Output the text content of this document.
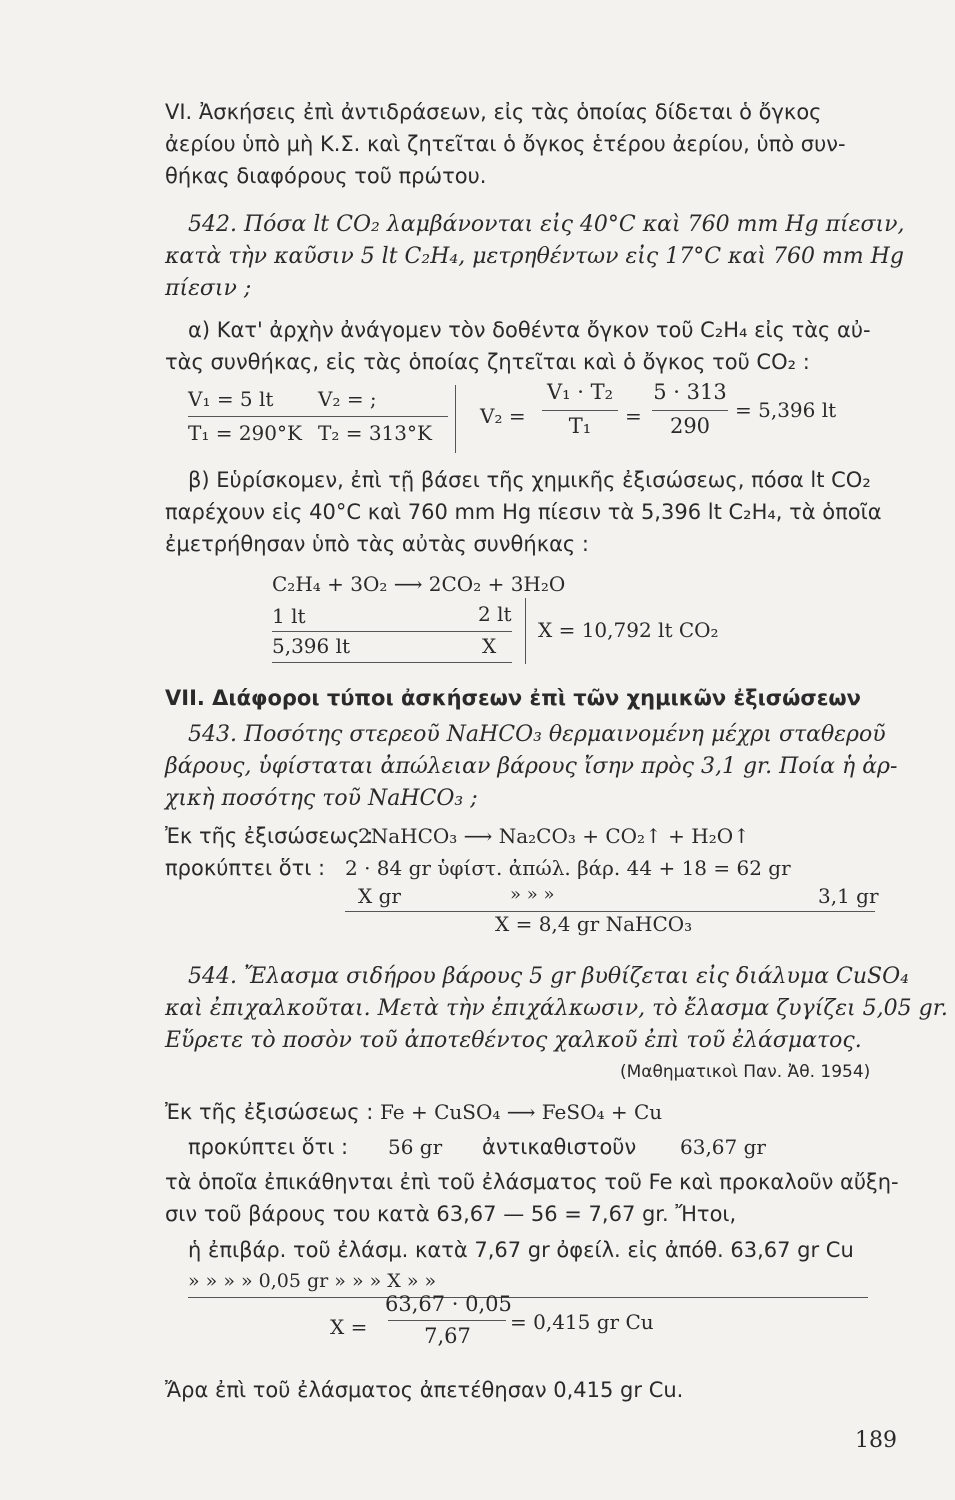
VI. Ἀσκήσεις ἐπὶ ἀντιδράσεων, εἰς τὰς ὁποίας δίδεται ὁ ὄγκος
ἀερίου ὑπὸ μὴ Κ.Σ. καὶ ζητεῖται ὁ ὄγκος ἑτέρου ἀερίου, ὑπὸ συν-
θήκας διαφόρους τοῦ πρώτου.
542. Πόσα lt CO₂ λαμβάνονται εἰς 40°C καὶ 760 mm Hg πίεσιν,
κατὰ τὴν καῦσιν 5 lt C₂H₄, μετρηθέντων εἰς 17°C καὶ 760 mm Hg
πίεσιν ;
α) Κατ' ἀρχὴν ἀνάγομεν τὸν δοθέντα ὄγκον τοῦ C₂H₄ εἰς τὰς αὐ-
τὰς συνθήκας, εἰς τὰς ὁποίας ζητεῖται καὶ ὁ ὄγκος τοῦ CO₂ :
V₁ = 5 lt V₂ = ;
T₁ = 290°K T₂ = 313°K
V₂ =
V₁ · T₂
T₁	=
5 · 313
290
= 5,396 lt
β) Εὑρίσκομεν, ἐπὶ τῇ βάσει τῆς χημικῆς ἐξισώσεως, πόσα lt CO₂
παρέχουν εἰς 40°C καὶ 760 mm Hg πίεσιν τὰ 5,396 lt C₂H₄, τὰ ὁποῖα
ἐμετρήθησαν ὑπὸ τὰς αὐτὰς συνθήκας :
C₂H₄ + 3O₂ ⟶ 2CO₂ + 3H₂O
1 lt	2 lt
5,396 lt	X
X = 10,792 lt CO₂
VII. Διάφοροι τύποι ἀσκήσεων ἐπὶ τῶν χημικῶν ἐξισώσεων
543. Ποσότης στερεοῦ NaHCO₃ θερμαινομένη μέχρι σταθεροῦ
βάρους, ὑφίσταται ἀπώλειαν βάρους ἴσην πρὸς 3,1 gr. Ποία ἡ ἀρ-
χικὴ ποσότης τοῦ NaHCO₃ ;
Ἐκ τῆς ἐξισώσεως :
2NaHCO₃ ⟶ Na₂CO₃ + CO₂↑ + H₂O↑
προκύπτει ὅτι : 2 · 84 gr ὑφίστ. ἀπώλ. βάρ. 44 + 18 = 62 gr
X gr	» » »	3,1 gr
X = 8,4 gr NaHCO₃
544. Ἔλασμα σιδήρου βάρους 5 gr βυθίζεται εἰς διάλυμα CuSO₄
καὶ ἐπιχαλκοῦται. Μετὰ τὴν ἐπιχάλκωσιν, τὸ ἔλασμα ζυγίζει 5,05 gr.
Εὕρετε τὸ ποσὸν τοῦ ἀποτεθέντος χαλκοῦ ἐπὶ τοῦ ἐλάσματος.
(Μαθηματικοὶ Παν. Ἀθ. 1954)
Ἐκ τῆς ἐξισώσεως : Fe + CuSO₄ ⟶ FeSO₄ + Cu
προκύπτει ὅτι : 56 gr ἀντικαθιστοῦν 63,67 gr
τὰ ὁποῖα ἐπικάθηνται ἐπὶ τοῦ ἐλάσματος τοῦ Fe καὶ προκαλοῦν αὔξη-
σιν τοῦ βάρους του κατὰ 63,67 — 56 = 7,67 gr. Ἤτοι,
ἡ ἐπιβάρ. τοῦ ἐλάσμ. κατὰ 7,67 gr ὀφείλ. εἰς ἀπόθ. 63,67 gr Cu
» » » » 0,05 gr » » » X » »
X =
63,67 · 0,05
7,67
= 0,415 gr Cu
Ἄρα ἐπὶ τοῦ ἐλάσματος ἀπετέθησαν 0,415 gr Cu.
189
